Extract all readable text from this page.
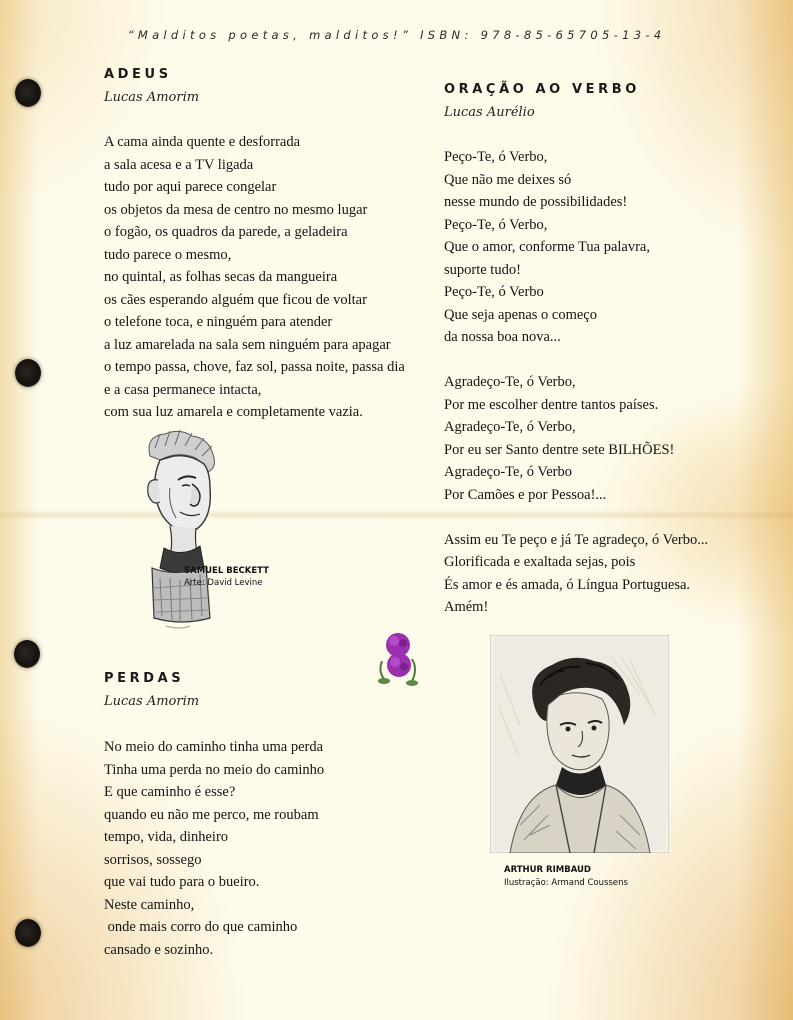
“Malditos poetas, malditos!” ISBN: 978-85-65705-13-4
ADEUS
Lucas Amorim
A cama ainda quente e desforrada
a sala acesa e a TV ligada
tudo por aqui parece congelar
os objetos da mesa de centro no mesmo lugar
o fogão, os quadros da parede, a geladeira
tudo parece o mesmo,
no quintal, as folhas secas da mangueira
os cães esperando alguém que ficou de voltar
o telefone toca, e ninguém para atender
a luz amarelada na sala sem ninguém para apagar
o tempo passa, chove, faz sol, passa noite, passa dia
e a casa permanece intacta,
com sua luz amarela e completamente vazia.
ORAÇÃO AO VERBO
Lucas Aurélio
Peço-Te, ó Verbo,
Que não me deixes só
nesse mundo de possibilidades!
Peço-Te, ó Verbo,
Que o amor, conforme Tua palavra,
suporte tudo!
Peço-Te, ó Verbo
Que seja apenas o começo
da nossa boa nova...

Agradeço-Te, ó Verbo,
Por me escolher dentre tantos países.
Agradeço-Te, ó Verbo,
Por eu ser Santo dentre sete BILHÕES!
Agradeço-Te, ó Verbo
Por Camões e por Pessoa!...

Assim eu Te peço e já Te agradeço, ó Verbo...
Glorificada e exaltada sejas, pois
És amor e és amada, ó Língua Portuguesa.
Amém!
PERDAS
Lucas Amorim
No meio do caminho tinha uma perda
Tinha uma perda no meio do caminho
E que caminho é esse?
quando eu não me perco, me roubam
tempo, vida, dinheiro
sorrisos, sossego
que vai tudo para o bueiro.
Neste caminho,
onde mais corro do que caminho
cansado e sozinho.
SAMUEL BECKETT
Arte: David Levine
ARTHUR RIMBAUD
Ilustração: Armand Coussens
